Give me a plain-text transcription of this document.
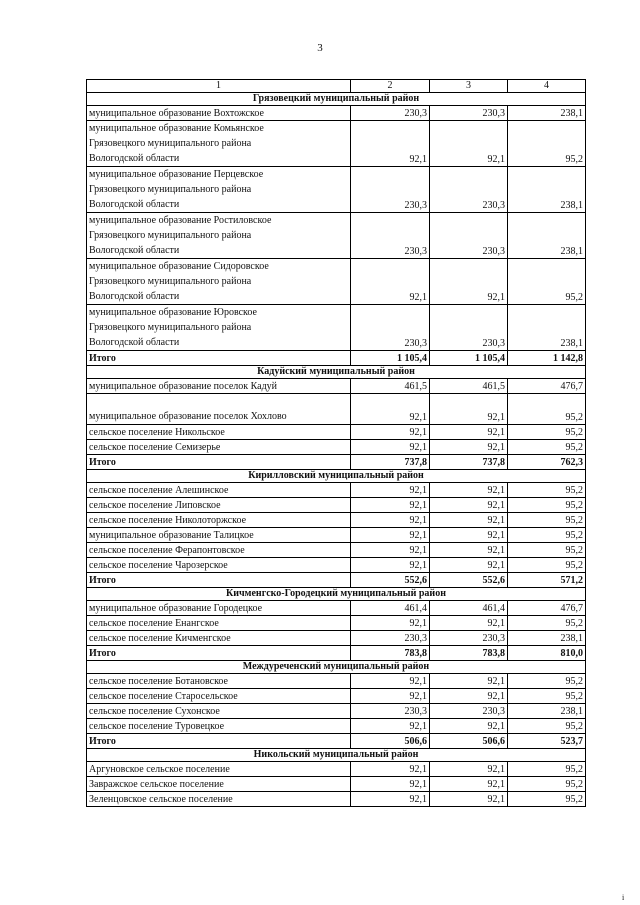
3
1	2	3	4
Грязовецкий муниципальный район			
муниципальное образование Вохтожское	230,3	230,3	238,1

муниципальное образование Комьянское
Грязовецкого муниципального района
Вологодской области	92,1	92,1	95,2

муниципальное образование Перцевское
Грязовецкого муниципального района
Вологодской области	230,3	230,3	238,1

муниципальное образование Ростиловское
Грязовецкого муниципального района
Вологодской области	230,3	230,3	238,1

муниципальное образование Сидоровское
Грязовецкого муниципального района
Вологодской области	92,1	92,1	95,2

муниципальное образование Юровское
Грязовецкого муниципального района
Вологодской области	230,3	230,3	238,1
Итого	1 105,4	1 105,4	1 142,8
Кадуйский муниципальный район			
муниципальное образование поселок Кадуй	461,5	461,5	476,7

муниципальное образование поселок Хохлово	92,1	92,1	95,2
сельское поселение Никольское	92,1	92,1	95,2
сельское поселение Семизерье	92,1	92,1	95,2
Итого	737,8	737,8	762,3
Кирилловский муниципальный район			
сельское поселение Алешинское	92,1	92,1	95,2
сельское поселение Липовское	92,1	92,1	95,2
сельское поселение Николоторжское	92,1	92,1	95,2
муниципальное образование Талицкое	92,1	92,1	95,2
сельское поселение Ферапонтовское	92,1	92,1	95,2
сельское поселение Чарозерское	92,1	92,1	95,2
Итого	552,6	552,6	571,2
Кичменгско-Городецкий муниципальный район			
муниципальное образование Городецкое	461,4	461,4	476,7
сельское поселение Енангское	92,1	92,1	95,2
сельское поселение Кичменгское	230,3	230,3	238,1
Итого	783,8	783,8	810,0
Междуреченский муниципальный район			
сельское поселение Ботановское	92,1	92,1	95,2
сельское поселение Старосельское	92,1	92,1	95,2
сельское поселение Сухонское	230,3	230,3	238,1
сельское поселение Туровецкое	92,1	92,1	95,2
Итого	506,6	506,6	523,7
Никольский муниципальный район			
Аргуновское сельское поселение	92,1	92,1	95,2
Завражское сельское поселение	92,1	92,1	95,2
Зеленцовское сельское поселение	92,1	92,1	95,2
i
